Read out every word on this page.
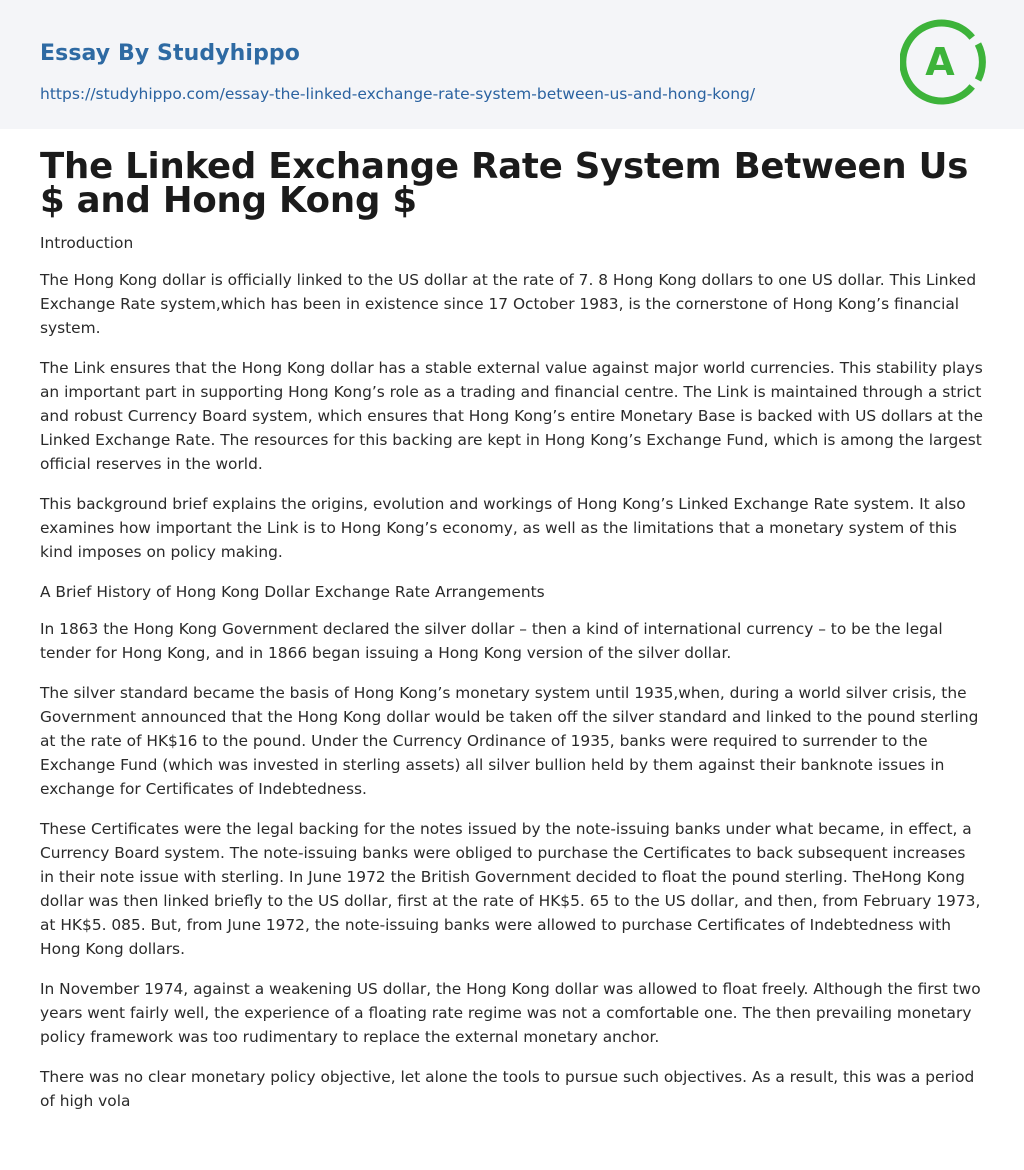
Essay By Studyhippo
https://studyhippo.com/essay-the-linked-exchange-rate-system-between-us-and-hong-kong/
A
The Linked Exchange Rate System Between Us $ and Hong Kong $

Introduction

The Hong Kong dollar is officially linked to the US dollar at the rate of 7. 8 Hong Kong dollars to one US dollar. This Linked Exchange Rate system,which has been in existence since 17 October 1983, is the cornerstone of Hong Kong’s financial system.

The Link ensures that the Hong Kong dollar has a stable external value against major world currencies. This stability plays an important part in supporting Hong Kong’s role as a trading and financial centre. The Link is maintained through a strict and robust Currency Board system, which ensures that Hong Kong’s entire Monetary Base is backed with US dollars at the Linked Exchange Rate. The resources for this backing are kept in Hong Kong’s Exchange Fund, which is among the largest official reserves in the world.

This background brief explains the origins, evolution and workings of Hong Kong’s Linked Exchange Rate system. It also examines how important the Link is to Hong Kong’s economy, as well as the limitations that a monetary system of this kind imposes on policy making.

A Brief History of Hong Kong Dollar Exchange Rate Arrangements

In 1863 the Hong Kong Government declared the silver dollar – then a kind of international currency – to be the legal tender for Hong Kong, and in 1866 began issuing a Hong Kong version of the silver dollar.

The silver standard became the basis of Hong Kong’s monetary system until 1935,when, during a world silver crisis, the Government announced that the Hong Kong dollar would be taken off the silver standard and linked to the pound sterling at the rate of HK$16 to the pound. Under the Currency Ordinance of 1935, banks were required to surrender to the Exchange Fund (which was invested in sterling assets) all silver bullion held by them against their banknote issues in exchange for Certificates of Indebtedness.

These Certificates were the legal backing for the notes issued by the note-issuing banks under what became, in effect, a Currency Board system. The note-issuing banks were obliged to purchase the Certificates to back subsequent increases in their note issue with sterling. In June 1972 the British Government decided to float the pound sterling. TheHong Kong dollar was then linked briefly to the US dollar, first at the rate of HK$5. 65 to the US dollar, and then, from February 1973, at HK$5. 085. But, from June 1972, the note-issuing banks were allowed to purchase Certificates of Indebtedness with Hong Kong dollars.

In November 1974, against a weakening US dollar, the Hong Kong dollar was allowed to float freely. Although the first two years went fairly well, the experience of a floating rate regime was not a comfortable one. The then prevailing monetary policy framework was too rudimentary to replace the external monetary anchor.

There was no clear monetary policy objective, let alone the tools to pursue such objectives. As a result, this was a period of high vola
